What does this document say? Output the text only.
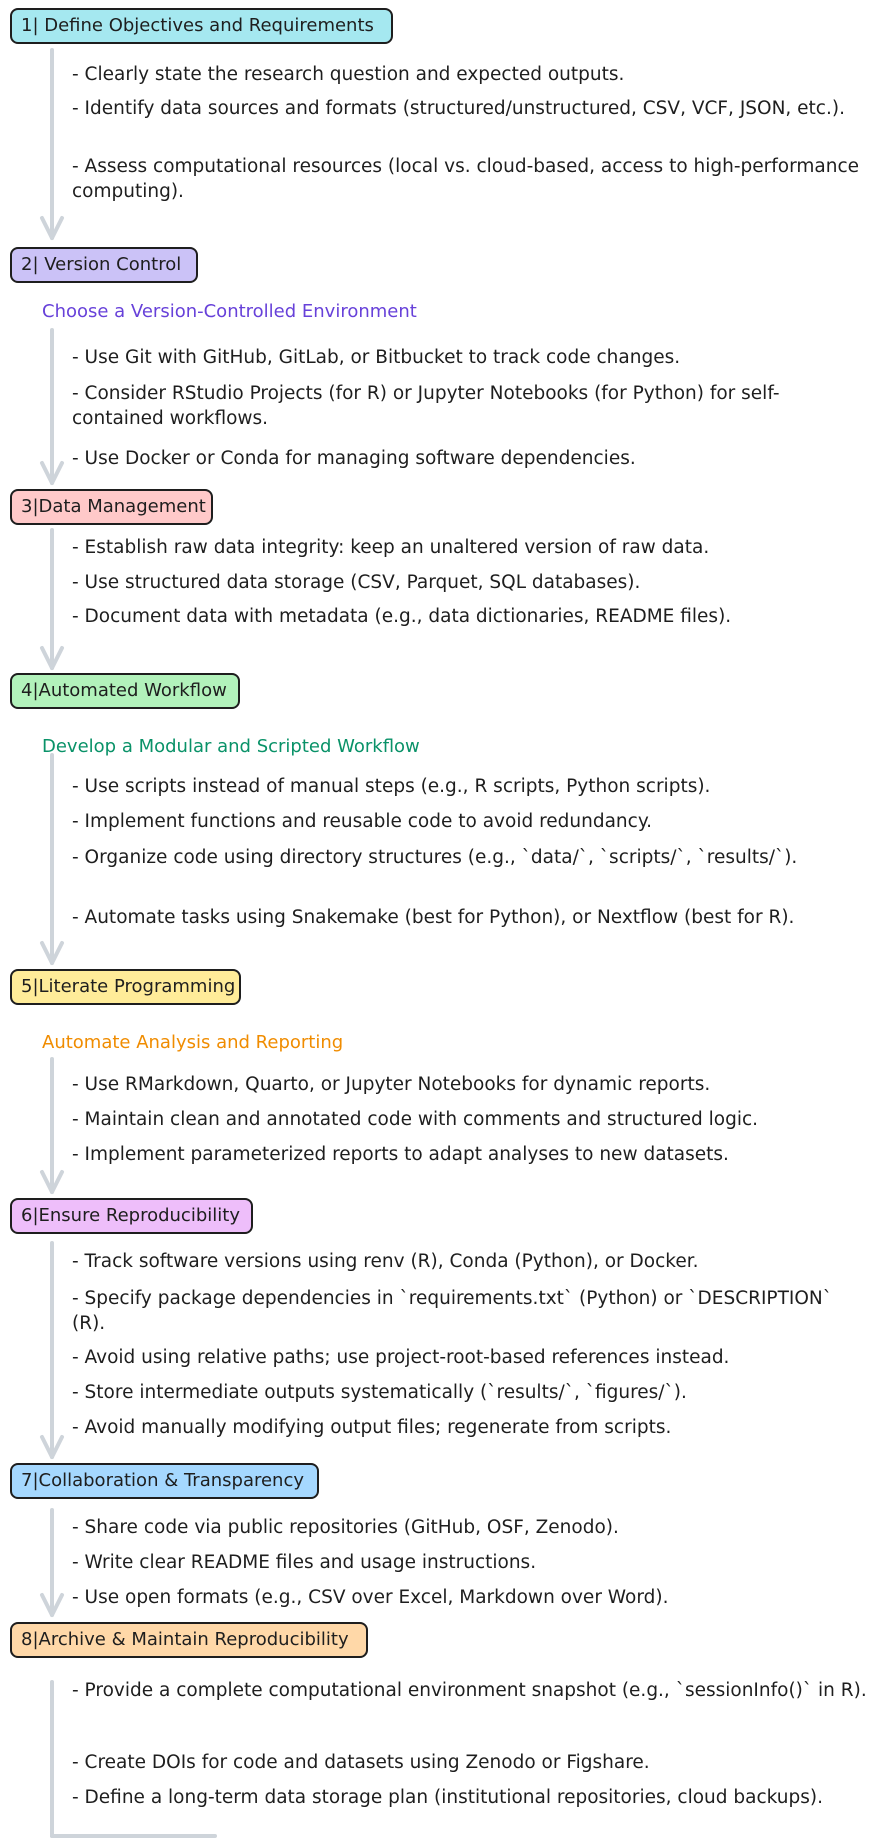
1| Define Objectives and Requirements
- Clearly state the research question and expected outputs.
- Identify data sources and formats (structured/unstructured, CSV, VCF, JSON, etc.).
- Assess computational resources (local vs. cloud-based, access to high-performance computing).
2| Version Control
Choose a Version-Controlled Environment
- Use Git with GitHub, GitLab, or Bitbucket to track code changes.
- Consider RStudio Projects (for R) or Jupyter Notebooks (for Python) for self-contained workflows.
- Use Docker or Conda for managing software dependencies.
3|Data Management
- Establish raw data integrity: keep an unaltered version of raw data.
- Use structured data storage (CSV, Parquet, SQL databases).
- Document data with metadata (e.g., data dictionaries, README files).
4|Automated Workflow
Develop a Modular and Scripted Workflow
- Use scripts instead of manual steps (e.g., R scripts, Python scripts).
- Implement functions and reusable code to avoid redundancy.
- Organize code using directory structures (e.g., `data/`, `scripts/`, `results/`).
- Automate tasks using Snakemake (best for Python), or Nextflow (best for R).
5|Literate Programming
Automate Analysis and Reporting
- Use RMarkdown, Quarto, or Jupyter Notebooks for dynamic reports.
- Maintain clean and annotated code with comments and structured logic.
- Implement parameterized reports to adapt analyses to new datasets.
6|Ensure Reproducibility
- Track software versions using renv (R), Conda (Python), or Docker.
- Specify package dependencies in `requirements.txt` (Python) or `DESCRIPTION` (R).
- Avoid using relative paths; use project-root-based references instead.
- Store intermediate outputs systematically (`results/`, `figures/`).
- Avoid manually modifying output files; regenerate from scripts.
7|Collaboration & Transparency
- Share code via public repositories (GitHub, OSF, Zenodo).
- Write clear README files and usage instructions.
- Use open formats (e.g., CSV over Excel, Markdown over Word).
8|Archive & Maintain Reproducibility
- Provide a complete computational environment snapshot (e.g., `sessionInfo()` in R).
- Create DOIs for code and datasets using Zenodo or Figshare.
- Define a long-term data storage plan (institutional repositories, cloud backups).
